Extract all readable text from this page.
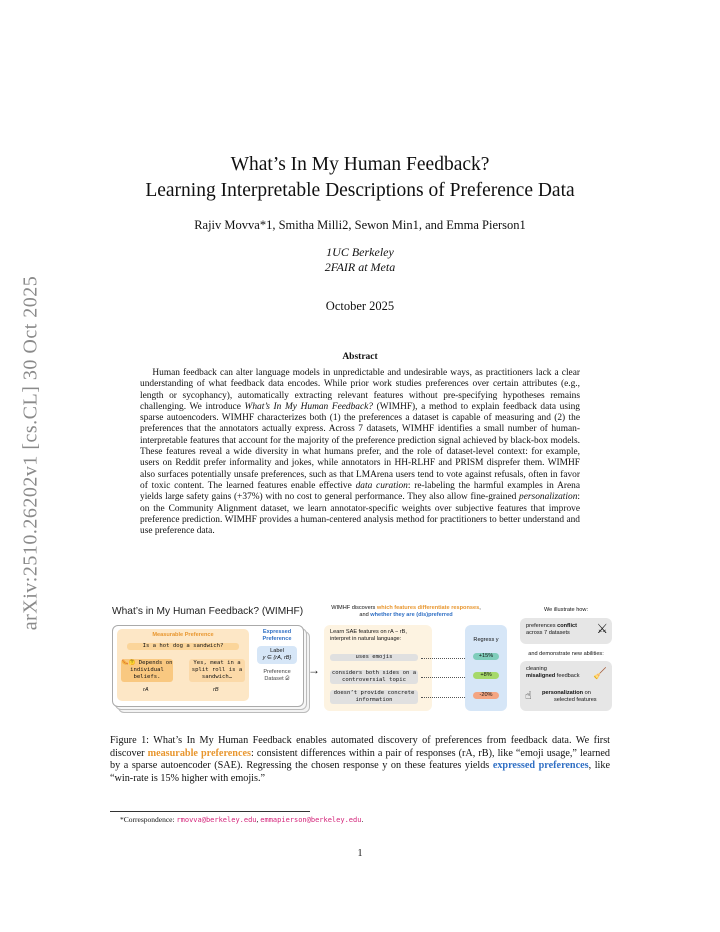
arXiv:2510.26202v1 [cs.CL] 30 Oct 2025
What’s In My Human Feedback?
Learning Interpretable Descriptions of Preference Data
Rajiv Movva*1, Smitha Milli2, Sewon Min1, and Emma Pierson1
1UC Berkeley
2FAIR at Meta
October 2025
Abstract
Human feedback can alter language models in unpredictable and undesirable ways, as practitioners lack a clear understanding of what feedback data encodes. While prior work studies preferences over certain attributes (e.g., length or sycophancy), automatically extracting relevant features without pre-specifying hypotheses remains challenging. We introduce What’s In My Human Feedback? (WIMHF), a method to explain feedback data using sparse autoencoders. WIMHF characterizes both (1) the preferences a dataset is capable of measuring and (2) the preferences that the annotators actually express. Across 7 datasets, WIMHF identifies a small number of human-interpretable features that account for the majority of the preference prediction signal achieved by black-box models. These features reveal a wide diversity in what humans prefer, and the role of dataset-level context: for example, users on Reddit prefer informality and jokes, while annotators in HH-RLHF and PRISM disprefer them. WIMHF also surfaces potentially unsafe preferences, such as that LMArena users tend to vote against refusals, often in favor of toxic content. The learned features enable effective data curation: re-labeling the harmful examples in Arena yields large safety gains (+37%) with no cost to general performance. They also allow fine-grained personalization: on the Community Alignment dataset, we learn annotator-specific weights over subjective features that improve preference prediction. WIMHF provides a human-centered analysis method for practitioners to better understand and use preference data.
What’s in My Human Feedback? (WIMHF)
Measurable Preference
Is a hot dog a sandwich?
🌭🤔 Depends on individual beliefs.
Yes, meat in a split roll is a sandwich…
rA	rB
Expressed
Preference
Label
y ∈ {rA, rB}
Preference
Dataset 𝒟
→
WIMHF discovers which features differentiate responses, and whether they are (dis)preferred
Learn SAE features on rA − rB,
interpret in natural language:
uses emojis
considers both sides on a controversial topic
doesn’t provide concrete information
Regress y
+15%
+8%
-20%
We illustrate how:
preferences conflict
across 7 datasets ⚔
and demonstrate new abilities:
cleaning
misaligned feedback 🧹
☝ personalization on
selected features
Figure 1: What’s In My Human Feedback enables automated discovery of preferences from feedback data. We first discover measurable preferences: consistent differences within a pair of responses (rA, rB), like “emoji usage,” learned by a sparse autoencoder (SAE). Regressing the chosen response y on these features yields expressed preferences, like “win-rate is 15% higher with emojis.”
*Correspondence: rmovva@berkeley.edu, emmapierson@berkeley.edu.
1
